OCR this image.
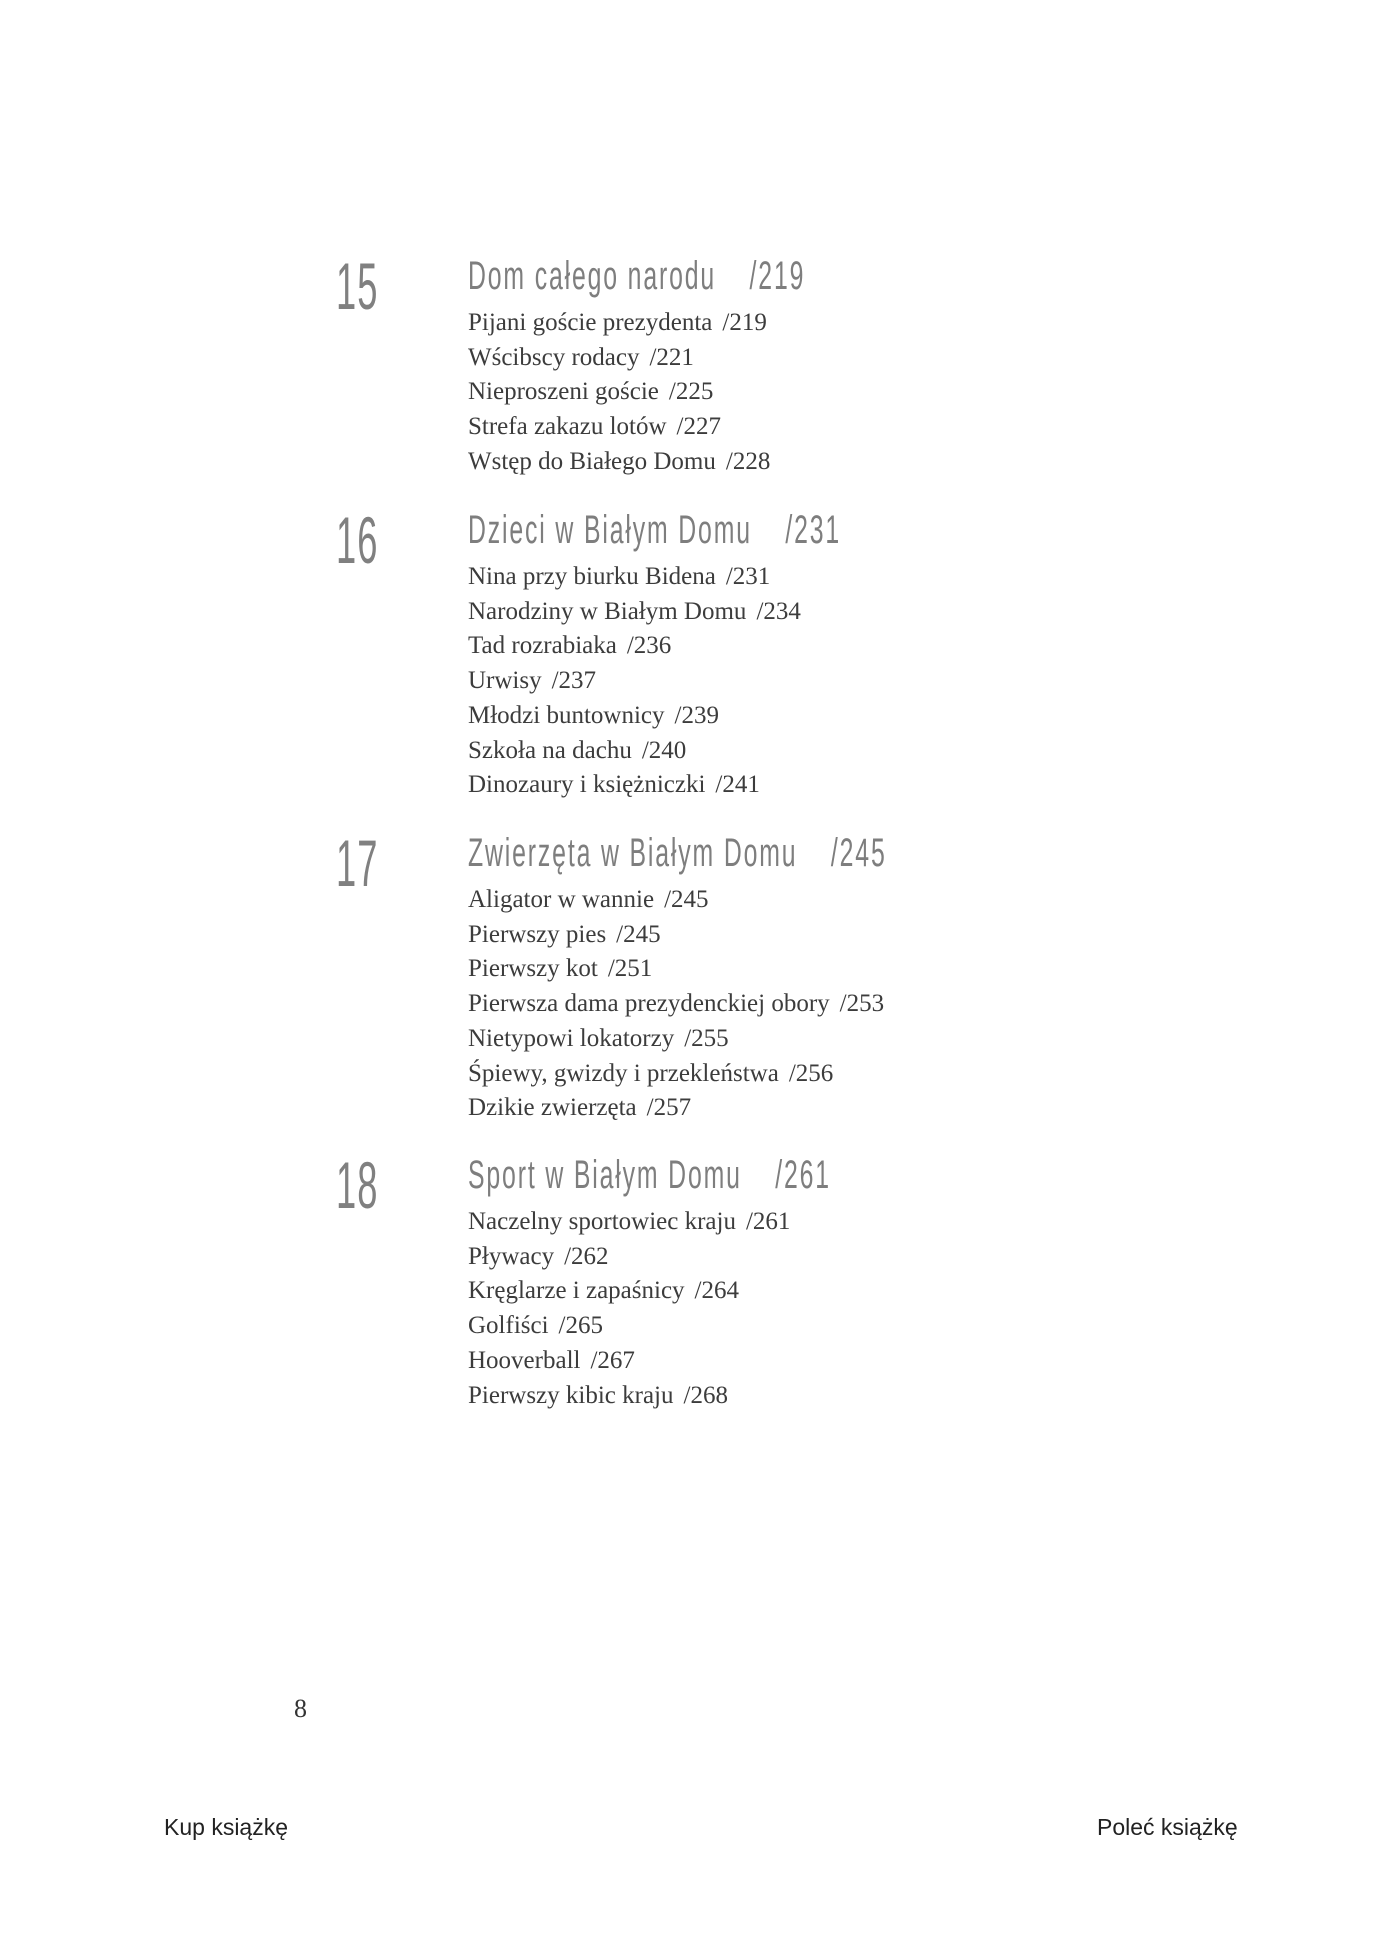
15 Dom całego narodu /219
Pijani goście prezydenta /219
Wścibscy rodacy /221
Nieproszeni goście /225
Strefa zakazu lotów /227
Wstęp do Białego Domu /228
16 Dzieci w Białym Domu /231
Nina przy biurku Bidena /231
Narodziny w Białym Domu /234
Tad rozrabiaka /236
Urwisy /237
Młodzi buntownicy /239
Szkoła na dachu /240
Dinozaury i księżniczki /241
17 Zwierzęta w Białym Domu /245
Aligator w wannie /245
Pierwszy pies /245
Pierwszy kot /251
Pierwsza dama prezydenckiej obory /253
Nietypowi lokatorzy /255
Śpiewy, gwizdy i przekleństwa /256
Dzikie zwierzęta /257
18 Sport w Białym Domu /261
Naczelny sportowiec kraju /261
Pływacy /262
Kręglarze i zapaśnicy /264
Golfiści /265
Hooverball /267
Pierwszy kibic kraju /268
8
Kup książkę	Poleć książkę
